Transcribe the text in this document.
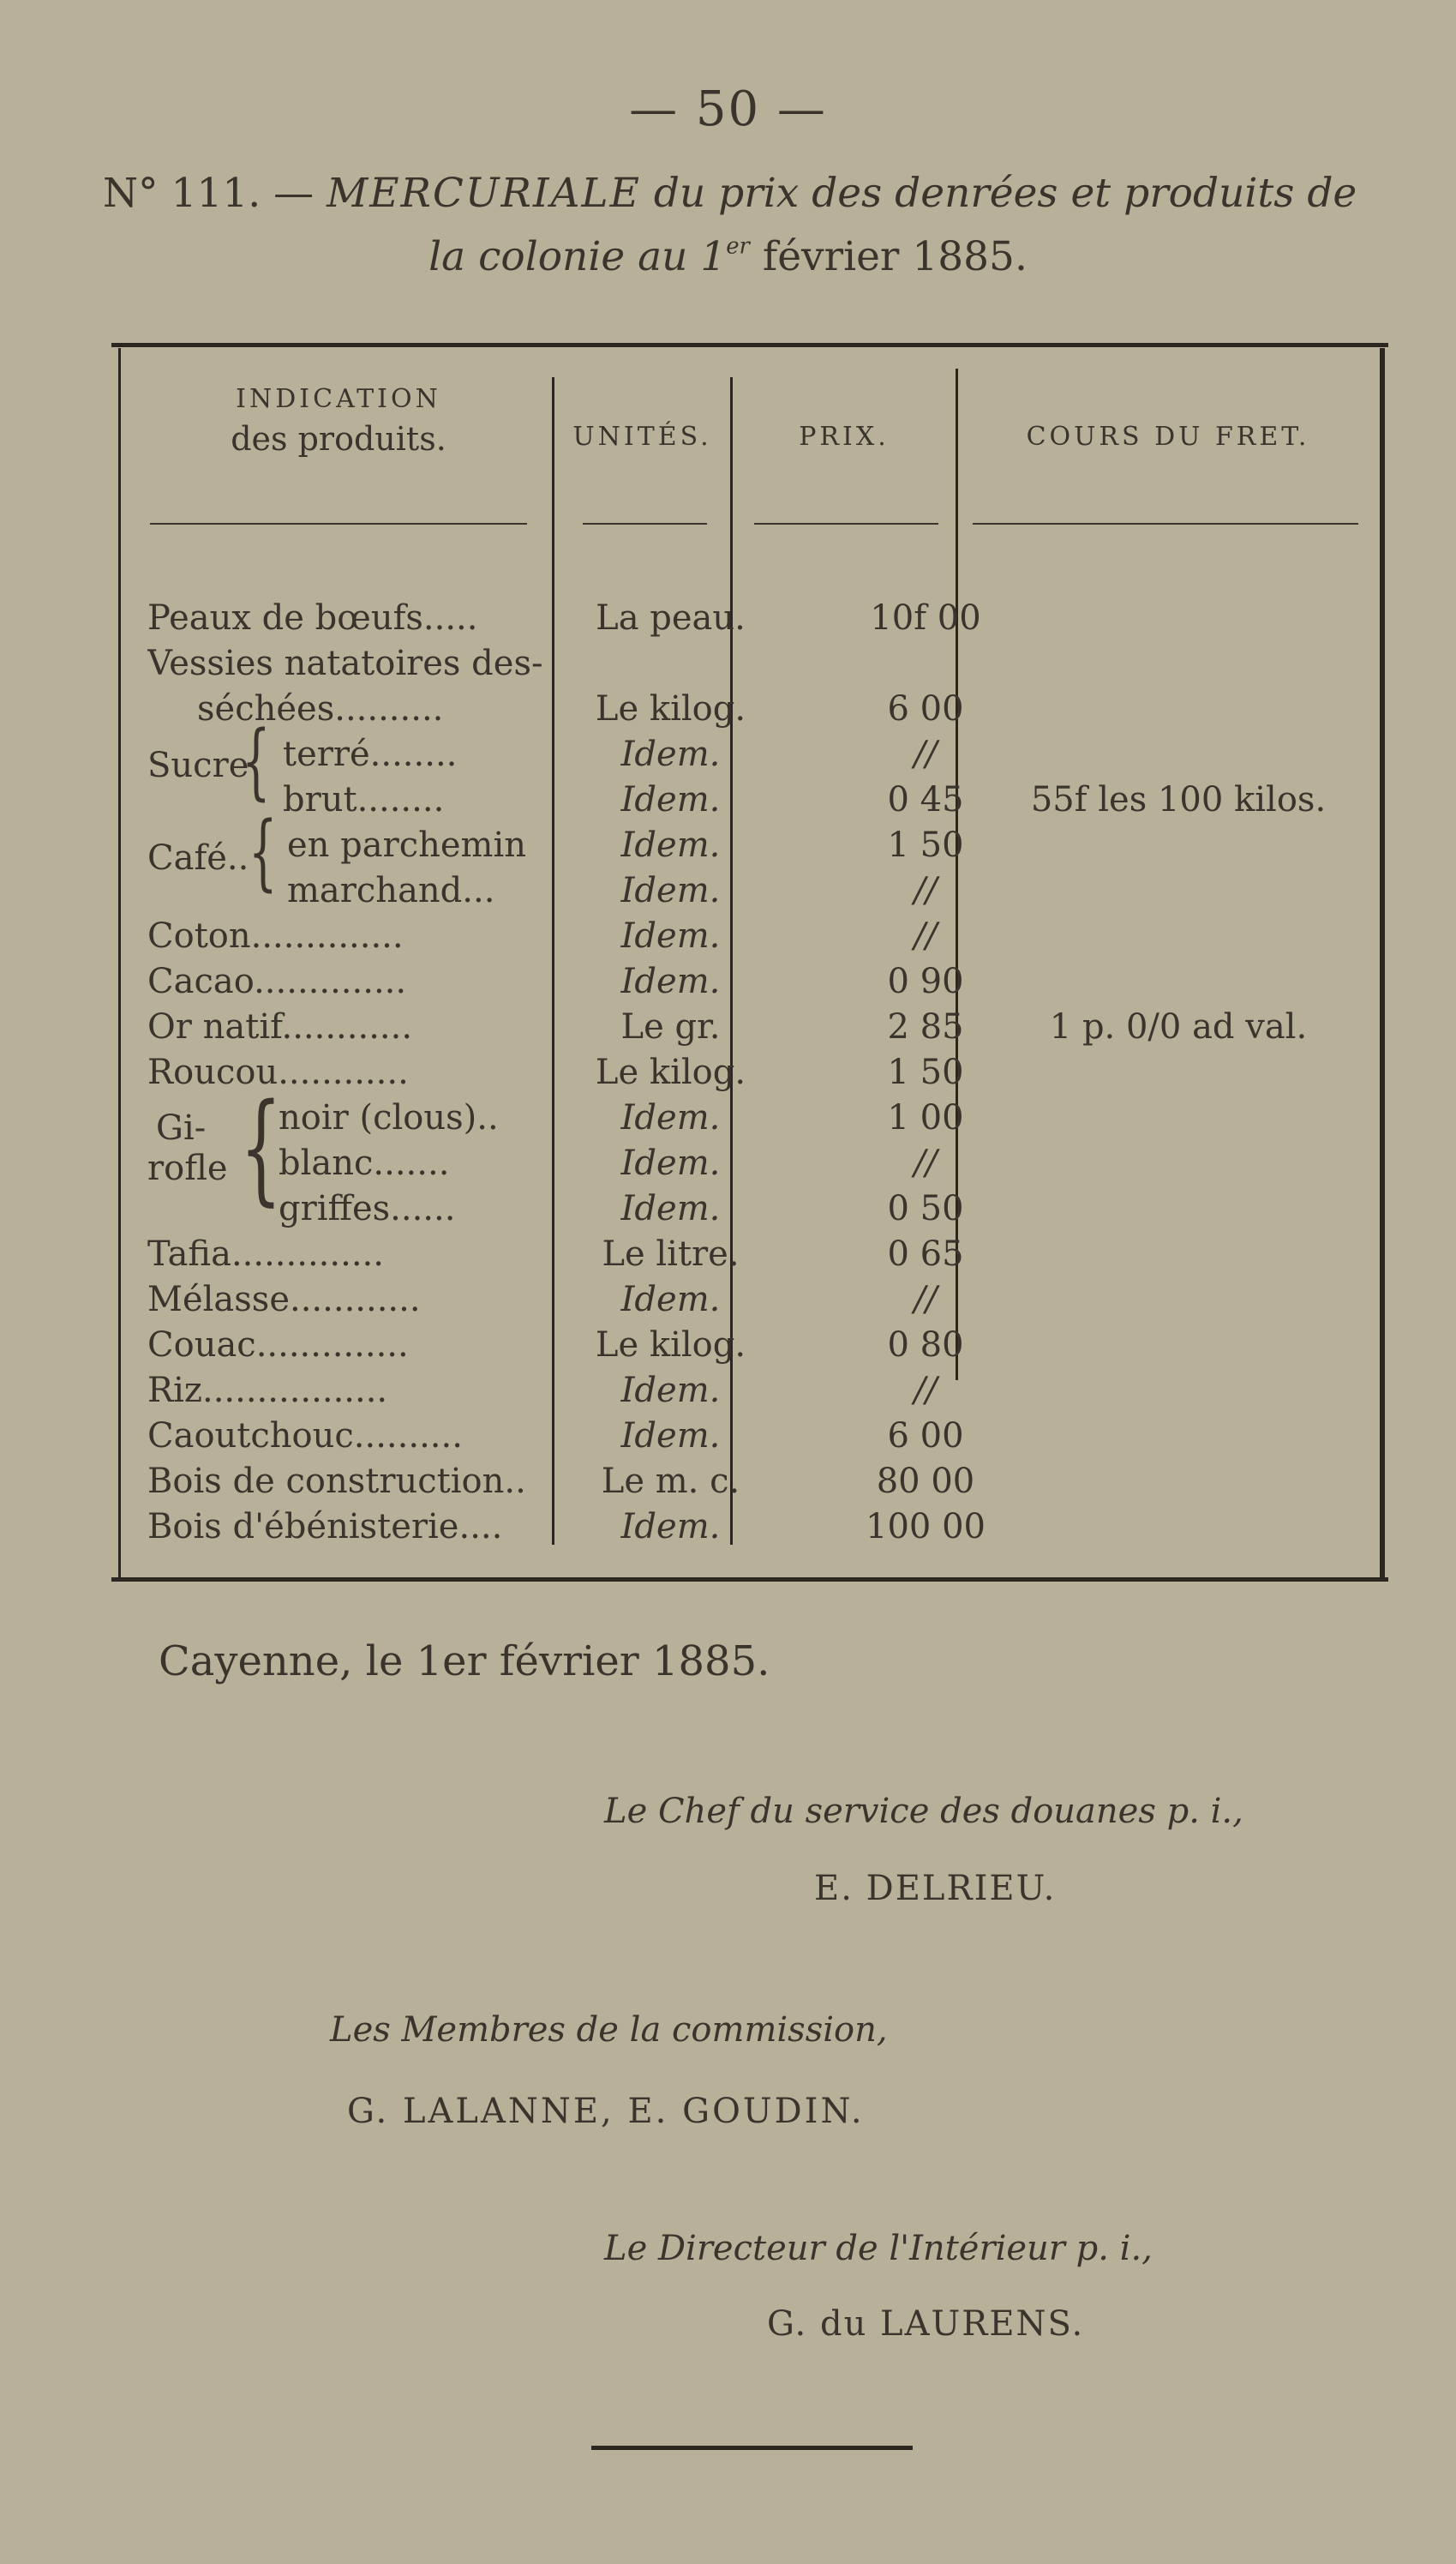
— 50 —
N° 111. — MERCURIALE du prix des denrées et produits de
la colonie au 1er février 1885.
INDICATION
des produits.	UNITÉS.	PRIX.	COURS DU FRET.
Peaux de bœufs.....	La peau.	10f 00
Vessies natatoires des-
séchées..........	Le kilog.	6 00
Sucre
{ terré........	Idem.	//
brut........	Idem.	0 45	55f les 100 kilos.
Café.. { en parchemin	Idem.	1 50
marchand...	Idem.	//
Coton..............	Idem.	//
Cacao..............	Idem.	0 90
Or natif............	Le gr.	2 85	1 p. 0/0 ad val.
Roucou............	Le kilog.	1 50
Gi-
rofle {
noir (clous)..	Idem.	1 00
blanc.......	Idem.	//
griffes......	Idem.	0 50
Tafia..............	Le litre.	0 65
Mélasse............	Idem.	//
Couac..............	Le kilog.	0 80
Riz.................	Idem.	//
Caoutchouc..........	Idem.	6 00
Bois de construction..	Le m. c.	80 00
Bois d'ébénisterie....	Idem.	100 00
Cayenne, le 1er février 1885.
Le Chef du service des douanes p. i.,
E. DELRIEU.
Les Membres de la commission,
G. LALANNE, E. GOUDIN.
Le Directeur de l'Intérieur p. i.,
G. du LAURENS.
